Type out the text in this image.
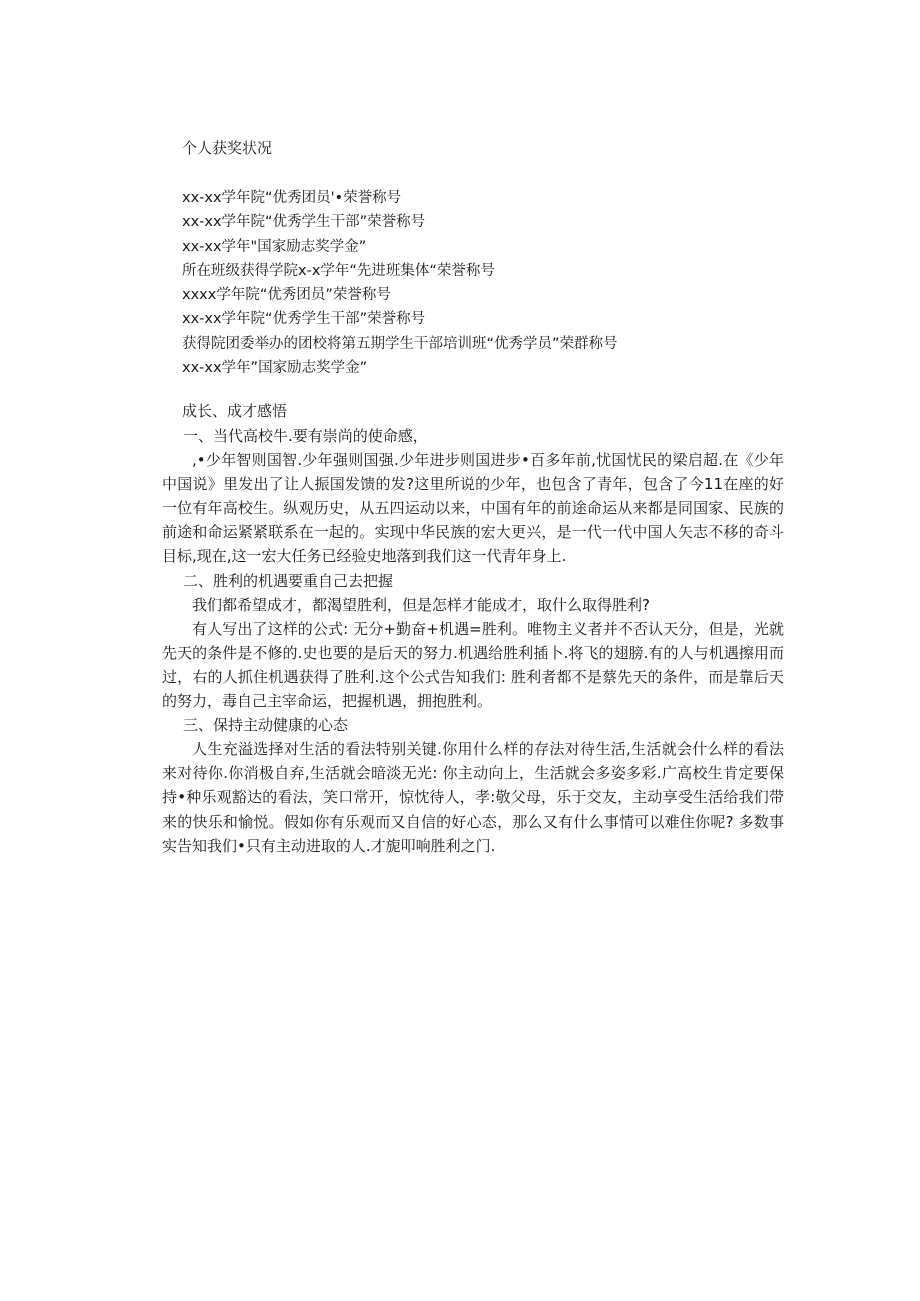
个人获奖状况
xx-xx学年院“优秀团员'•荣誉称号
xx-xx学年院“优秀学生干部”荣誉称号
xx-xx学年"国家励志奖学金”
所在班级获得学院x-x学年“先进班集体“荣誉称号
xxxx学年院“优秀团员”荣誉称号
xx-xx学年院“优秀学生干部”荣誉称号
获得院团委举办的团校将第五期学生干部培训班“优秀学员”荣群称号
xx-xx学年”国家励志奖学金”
成长、成才感悟

一、当代高校牛.要有崇尚的使命感，

,•少年智则国智.少年强则国强.少年进步则国进步•百多年前,忧国忧民的梁启超.在《少年中国说》里发出了让人振国发馈的发?这里所说的少年，也包含了青年，包含了今11在座的好一位有年高校生。纵观历史，从五四运动以来，中国有年的前途命运从来都是同国家、民族的前途和命运紧紧联系在一起的。实现中华民族的宏大更兴，是一代一代中国人矢志不移的奇斗目标,现在,这一宏大任务已经验史地落到我们这一代青年身上.

二、胜利的机遇要重自己去把握

我们都希望成才，都渴望胜利，但是怎样才能成才，取什么取得胜利?

有人写出了这样的公式: 无分+勤奋+机遇=胜利。唯物主义者并不否认天分，但是，光就先天的条件是不修的.史也要的是后天的努力.机遇给胜利插卜.将飞的翅膀.有的人与机遇擦用而过，右的人抓住机遇获得了胜利.这个公式告知我们: 胜利者都不是蔡先天的条件，而是靠后天的努力，毒自己主宰命运，把握机遇，拥抱胜利。

三、保持主动健康的心态

人生充溢选择对生活的看法特别关键.你用什么样的存法对待生活,生活就会什么样的看法来对待你.你消极自弃,生活就会暗淡无光: 你主动向上，生活就会多姿多彩.广高校生肯定要保持•种乐观豁达的看法，笑口常开，惊忱待人，孝:敬父母，乐于交友，主动享受生活给我们带来的快乐和愉悦。假如你有乐观而又自信的好心态，那么又有什么事情可以难住你呢? 多数事实告知我们•只有主动进取的人.才旎叩响胜利之门.
